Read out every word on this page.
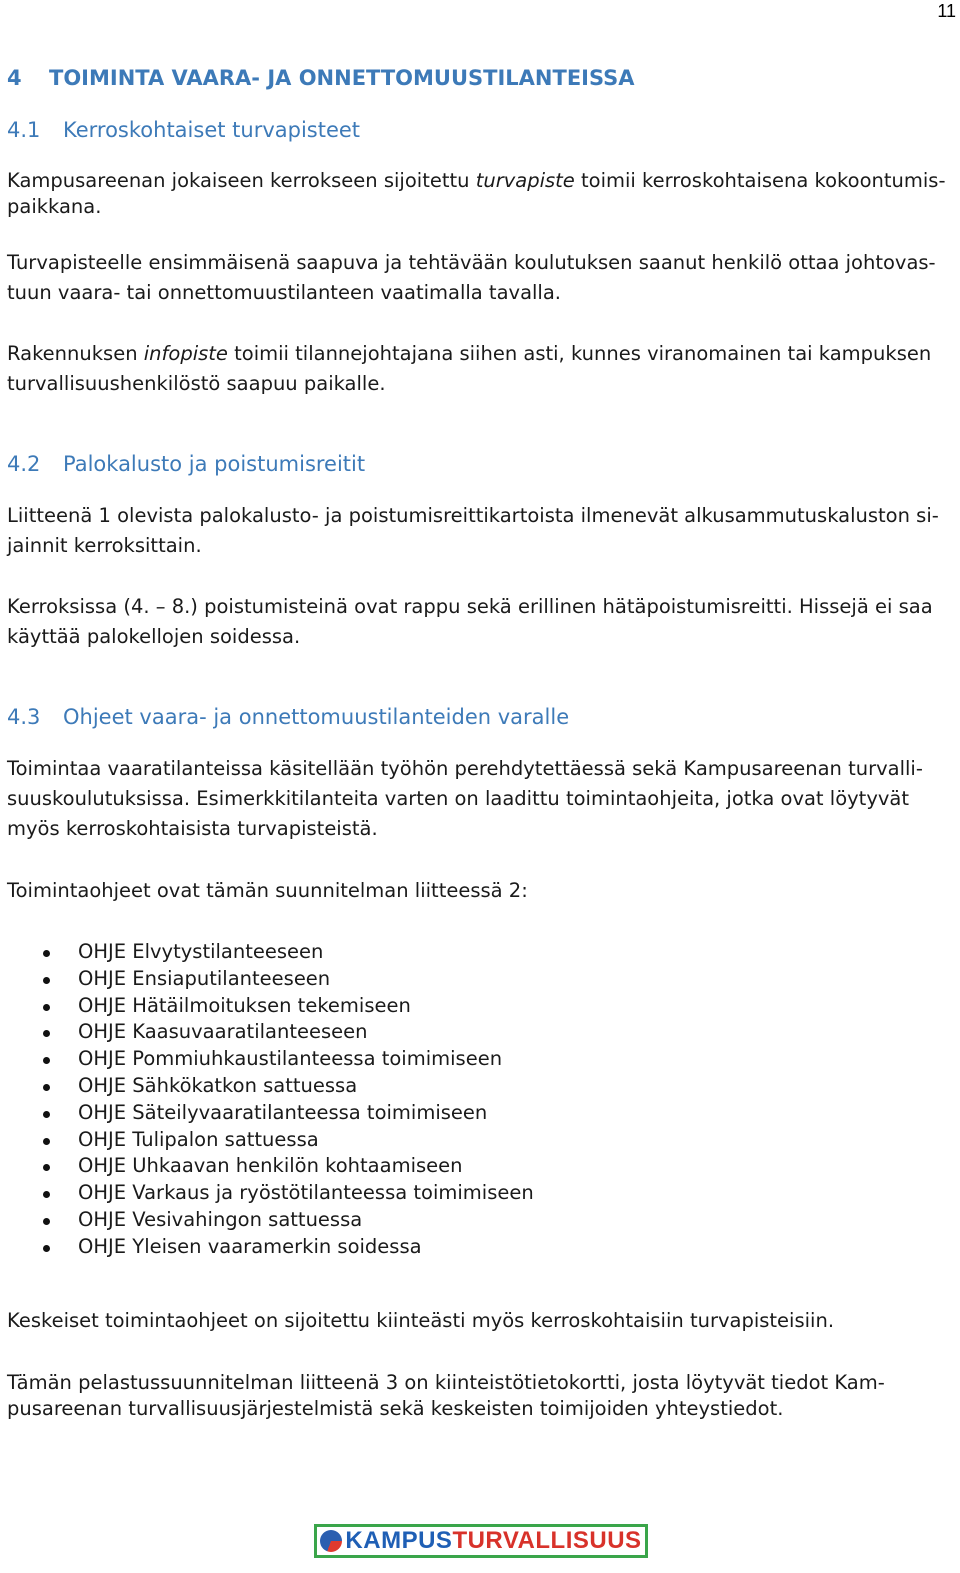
11
4 TOIMINTA VAARA- JA ONNETTOMUUSTILANTEISSA
4.1 Kerroskohtaiset turvapisteet
Kampusareenan jokaiseen kerrokseen sijoitettu turvapiste toimii kerroskohtaisena kokoontumis-
paikkana.
Turvapisteelle ensimmäisenä saapuva ja tehtävään koulutuksen saanut henkilö ottaa johtovas-
tuun vaara- tai onnettomuustilanteen vaatimalla tavalla.
Rakennuksen infopiste toimii tilannejohtajana siihen asti, kunnes viranomainen tai kampuksen
turvallisuushenkilöstö saapuu paikalle.
4.2 Palokalusto ja poistumisreitit
Liitteenä 1 olevista palokalusto- ja poistumisreittikartoista ilmenevät alkusammutuskaluston si-
jainnit kerroksittain.
Kerroksissa (4. – 8.) poistumisteinä ovat rappu sekä erillinen hätäpoistumisreitti. Hissejä ei saa
käyttää palokellojen soidessa.
4.3 Ohjeet vaara- ja onnettomuustilanteiden varalle
Toimintaa vaaratilanteissa käsitellään työhön perehdytettäessä sekä Kampusareenan turvalli-
suuskoulutuksissa. Esimerkkitilanteita varten on laadittu toimintaohjeita, jotka ovat löytyvät
myös kerroskohtaisista turvapisteistä.
Toimintaohjeet ovat tämän suunnitelman liitteessä 2:
OHJE Elvytystilanteeseen
OHJE Ensiaputilanteeseen
OHJE Hätäilmoituksen tekemiseen
OHJE Kaasuvaaratilanteeseen
OHJE Pommiuhkaustilanteessa toimimiseen
OHJE Sähkökatkon sattuessa
OHJE Säteilyvaaratilanteessa toimimiseen
OHJE Tulipalon sattuessa
OHJE Uhkaavan henkilön kohtaamiseen
OHJE Varkaus ja ryöstötilanteessa toimimiseen
OHJE Vesivahingon sattuessa
OHJE Yleisen vaaramerkin soidessa
Keskeiset toimintaohjeet on sijoitettu kiinteästi myös kerroskohtaisiin turvapisteisiin.
Tämän pelastussuunnitelman liitteenä 3 on kiinteistötietokortti, josta löytyvät tiedot Kam-
pusareenan turvallisuusjärjestelmistä sekä keskeisten toimijoiden yhteystiedot.
KAMPUS TURVALLISUUS
